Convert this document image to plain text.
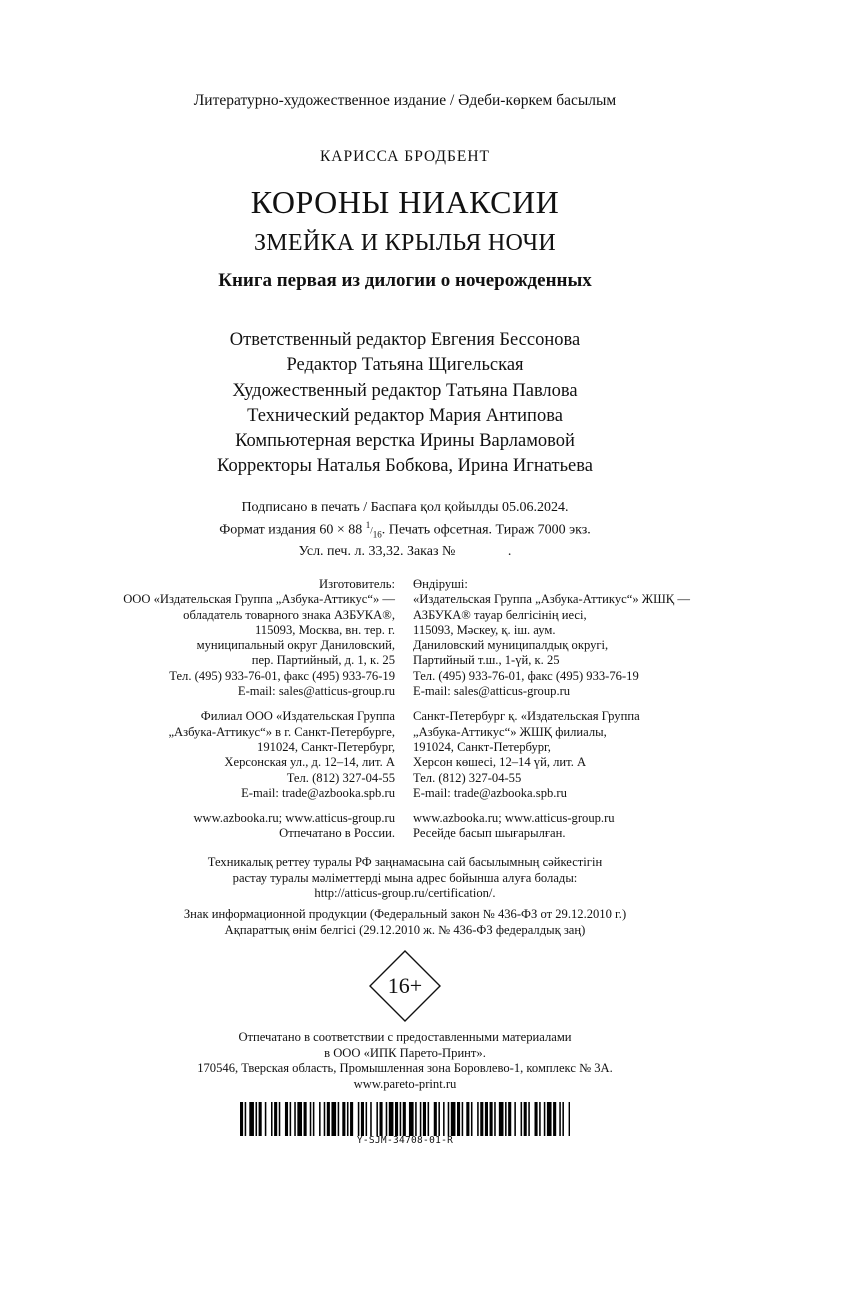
Литературно-художественное издание / Әдеби-көркем басылым
КАРИССА БРОДБЕНТ
КОРОНЫ НИАКСИИ
ЗМЕЙКА И КРЫЛЬЯ НОЧИ
Книга первая из дилогии о ночерожденных
Ответственный редактор Евгения Бессонова
Редактор Татьяна Щигельская
Художественный редактор Татьяна Павлова
Технический редактор Мария Антипова
Компьютерная верстка Ирины Варламовой
Корректоры Наталья Бобкова, Ирина Игнатьева
Подписано в печать / Баспаға қол қойылды 05.06.2024.
Формат издания 60 × 88 $^1/_{16}$. Печать офсетная. Тираж 7000 экз.
Усл. печ. л. 33,32. Заказ №               .
Изготовитель:
ООО «Издательская Группа „Азбука-Аттикус“» —
обладатель товарного знака АЗБУКА®,
115093, Москва, вн. тер. г.
муниципальный округ Даниловский,
пер. Партийный, д. 1, к. 25
Тел. (495) 933-76-01, факс (495) 933-76-19
E-mail: sales@atticus-group.ru
Филиал ООО «Издательская Группа
„Азбука-Аттикус“» в г. Санкт-Петербурге,
191024, Санкт-Петербург,
Херсонская ул., д. 12–14, лит. А
Тел. (812) 327-04-55
E-mail: trade@azbooka.spb.ru
www.azbooka.ru; www.atticus-group.ru
Отпечатано в России.
Өндіруші:
«Издательская Группа „Азбука-Аттикус“» ЖШҚ —
АЗБУКА® тауар белгісінің иесі,
115093, Мәскеу, қ. іш. аум.
Даниловский муниципалдық округі,
Партийный т.ш., 1-үй, к. 25
Тел. (495) 933-76-01, факс (495) 933-76-19
E-mail: sales@atticus-group.ru
Санкт-Петербург қ. «Издательская Группа
„Азбука-Аттикус“» ЖШҚ филиалы,
191024, Санкт-Петербург,
Херсон көшесі, 12–14 үй, лит. А
Тел. (812) 327-04-55
E-mail: trade@azbooka.spb.ru
www.azbooka.ru; www.atticus-group.ru
Ресейде басып шығарылған.
Техникалық реттеу туралы РФ заңнамасына сай басылымның сәйкестігін
растау туралы мәліметтерді мына адрес бойынша алуға болады:
http://atticus-group.ru/certification/.
Знак информационной продукции (Федеральный закон № 436-ФЗ от 29.12.2010 г.)
Ақпараттық өнім белгісі (29.12.2010 ж. № 436-ФЗ федералдық заң)
16+
Отпечатано в соответствии с предоставленными материалами
в ООО «ИПК Парето-Принт».
170546, Тверская область, Промышленная зона Боровлево-1, комплекс № 3А.
www.pareto-print.ru
Y-SJM-34708-01-R
